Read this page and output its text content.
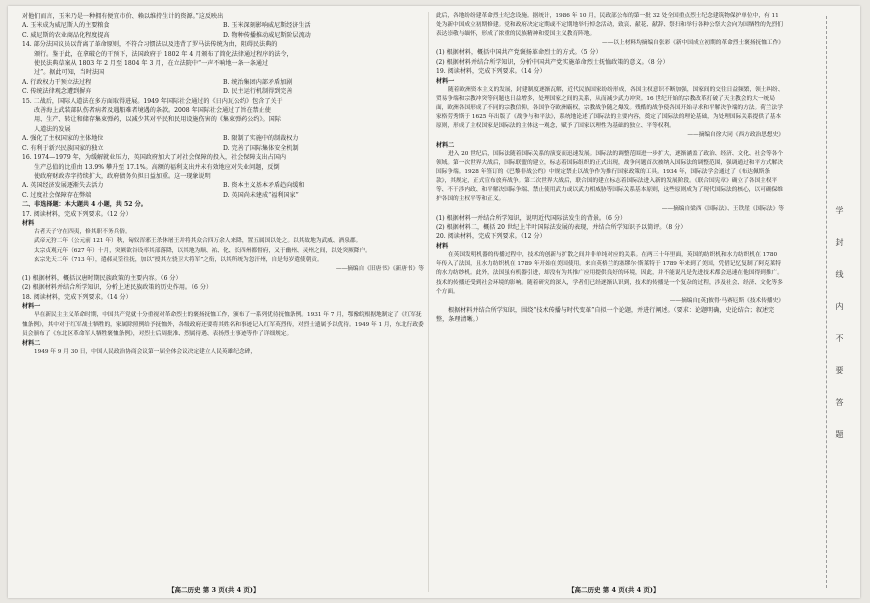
对他们而言，玉米乃是一种拥有便宜市价、赖以维持生计的资源。”这反映出

A. 玉米成为威尼斯人的主要粮食	B. 玉米深刻影响威尼斯经济生活
C. 威尼斯的农业商品化程度提高	D. 物种传播推动威尼斯阶层流动

14. 部分法国议员以背离了革命原则，不符合习惯法以及违背了罗马法传统为由，阻碍民法典的

颁行。鉴于此，在拿破仑的干预下，法国政府于 1802 年 4 月颁布了简化法律通过程序的法令，

使民法典草案从 1803 年 2 月至 1804 年 3 月，在立法院中“一声不响地一条一条通过

过”。据此可知，当时法国

A. 行政权力干预立法过程	B. 统治集团内部矛盾加剧
C. 传统法律观念遭到摒弃	D. 民主运行机制得到完善

15. 二战后，国际人道法在多方面取得进展。1949 年国际社会通过的《日内瓦公约》包含了关于

改善海上武装部队伤者病者及遇船难者境遇的条款。2008 年国际社会通过了旨在禁止使

用、生产、转让和储存集束弹药，以减少其对平民和民用设施伤害的《集束弹药公约》。国际

人道法的发展

A. 强化了主权国家的主体地位	B. 限制了实施中的制裁权力
C. 有利于新兴民族国家的独立	D. 完善了国际集体安全机制

16. 1974—1979 年，为缓解就业压力，英国政府加大了对社会保障的投入，社会保障支出占国内

生产总值的比重由 13.9% 攀升至 17.1%。高额的福利支出并未有效地应对失业问题，反倒

使政府财政赤字持续扩大，政府债务负担日益加重。这一现象说明

A. 英国经济发展逐渐失去活力	B. 资本主义基本矛盾趋向缓和
C. 过度社会保障存在弊端	D. 英国尚未建成“福利国家”

二、非选择题：本大题共 4 小题，共 52 分。

17. 阅读材料，完成下列要求。（12 分）

材料

古者天子守在四夷，修其职不务兵俗。

武帝元狩二年（公元前 121 年）秋，匈奴浑邪王杀休屠王并将其众合四万余人来降，置五属国以处之。以其故地为武威、酒泉郡。

太宗贞观元年（627 年）十月，突厥欲谷设率其部落降，以其地为顺、祐、化、长四州都督府，又于幽州、灵州之间，以处突厥降户。

玄宗先天二年（713 年），遣郝灵筌往抚，加以“授其左骁卫大将军”之衔，以其所统为忽汗州，自是每岁遣使朝贡。

——摘编自《旧唐书》《新唐书》等

(1) 根据材料，概括汉唐时期民族政策的主要内容。（6 分）

(2) 根据材料并结合所学知识，分析上述民族政策的历史作用。（6 分）

18. 阅读材料，完成下列要求。（14 分）

材料一

早在新民主主义革命时期，中国共产党就十分重视对革命烈士的褒扬抚恤工作，颁布了一系列优待抚恤条例。1931 年 7 月，鄂豫皖根据地制定了《红军抚恤条例》，其中对于红军战士牺牲的，家属除照例给予抚恤外，各级政府还要将其姓名和事迹记入红军英烈传，对烈士遗属予以优待。1949 年 1 月，东北行政委员会颁布了《东北区革命军人牺牲褒恤条例》，对烈士后周批准、烈属待遇、表扬烈士事迹等作了详细规定。

材料二

1949 年 9 月 30 日，中国人民政治协商会议第一届全体会议决定建立人民英雄纪念碑，

此后，各地纷纷建革命烈士纪念设施。据统计，1986 年 10 月，民政部公布的第一批 32 处全国重点烈士纪念建筑物保护单位中，有 11 处为新中国成立初期修建。党和政府决定定期或不定期地举行悼念活动，致哀、献花、献辞、祭扫和举行各种公祭大会向为国牺牲的先烈们表达崇敬与缅怀，形成了浓重的民族精神和爱国主义教育阵地。

——以上材料均摘编自张彩《新中国成立初期的革命烈士褒扬抚恤工作》

(1) 根据材料，概括中国共产党褒扬革命烈士的方式。（5 分）

(2) 根据材料并结合所学知识，分析中国共产党实施革命烈士抚恤政策的意义。（8 分）

19. 阅读材料，完成下列要求。（14 分）

材料一

随着欧洲资本主义的发展，封建制度逐渐瓦解，近代民族国家纷纷形成，各国主权意识不断加强，国家间的交往日益频繁，领土纠纷、贸易争端和宗教冲突等问题也日益增多，处理国家之间的关系，从而减少武力冲突。16 世纪开始的宗教改革打破了天主教会的大一统局面，欧洲各国形成了不同的宗教信仰，各国争夺欧洲霸权，宗教战争随之爆发。残酷的战争使各国开始寻求和平解决争端的方法。荷兰法学家格劳秀斯于 1625 年出版了《战争与和平法》，系统地论述了国际法的主要内容，奠定了国际法的理论基础，为处理国际关系提供了基本原则，形成了主权国家是国际法的主体这一观念，赋予了国家以理性为基础的独立、平等权利。

——摘编自徐大同《西方政治思想史》

材料二

进入 20 世纪后，国际法随着国际关系的演变而迅速发展。国际法的调整范围进一步扩大，逐渐涵盖了政治、经济、文化、社会等各个领域。第一次世界大战后，国际联盟的建立，标志着国际组织的正式出现，战争问题首次被纳入国际法的调整范围，强调通过和平方式解决国际争端。1928 年签订的《巴黎非战公约》中规定禁止以战争作为推行国家政策的工具。1934 年，国际法学会通过了《布达佩斯条款》，其规定，正式宣布放弃战争。第二次世界大战后，联合国的建立标志着国际法进入新的发展阶段。《联合国宪章》确立了各国主权平等、不干涉内政、和平解决国际争端、禁止使用武力或以武力相威胁等国际关系基本原则，这些原则成为了现代国际法的核心，以可确保维护各国的主权平等和正义。

——摘编自梁西《国际法》、王铁崖《国际法》等

(1) 根据材料一并结合所学知识，说明近代国际法发生的背景。（6 分）

(2) 根据材料二，概括 20 世纪上半叶国际法发展的表现，并结合所学知识予以简评。（8 分）

20. 阅读材料，完成下列要求。（12 分）

材料

在英国发明机器的传播过程中，技术的创新与扩散之间并非单纯对应的关系。在两三十年里面，英国的纺织机和水力纺织机在 1780 年传入了法国，且水力纺织机在 1789 年开始在美国使用。来自英格兰的塞缪尔·斯莱特于 1789 年来到了美国，凭借记忆复制了阿克莱特的水力纺纱机。此外，法国虽有机器引进，却没有为其推广应用提供良好的环境，因此，并不能说凡是先进技术都会迅速在他国得到推广。技术的传播还受到社会环境的影响。随着研究的深入，学者们已经逐渐认识到，技术的传播是一个复杂的过程，涉及社会、经济、文化等多个方面。

——摘编自[英]彼得·马赛厄斯《技术传播史》

根据材料并结合所学知识，围绕“技术传播与时代变革”自拟一个论题，并进行阐述。（要求：论题明确，史论结合；叙述完整，条理清晰。）

【高二历史 第 3 页(共 4 页)】	【高二历史 第 4 页(共 4 页)】
学
封
线
内
不
要
答
题
